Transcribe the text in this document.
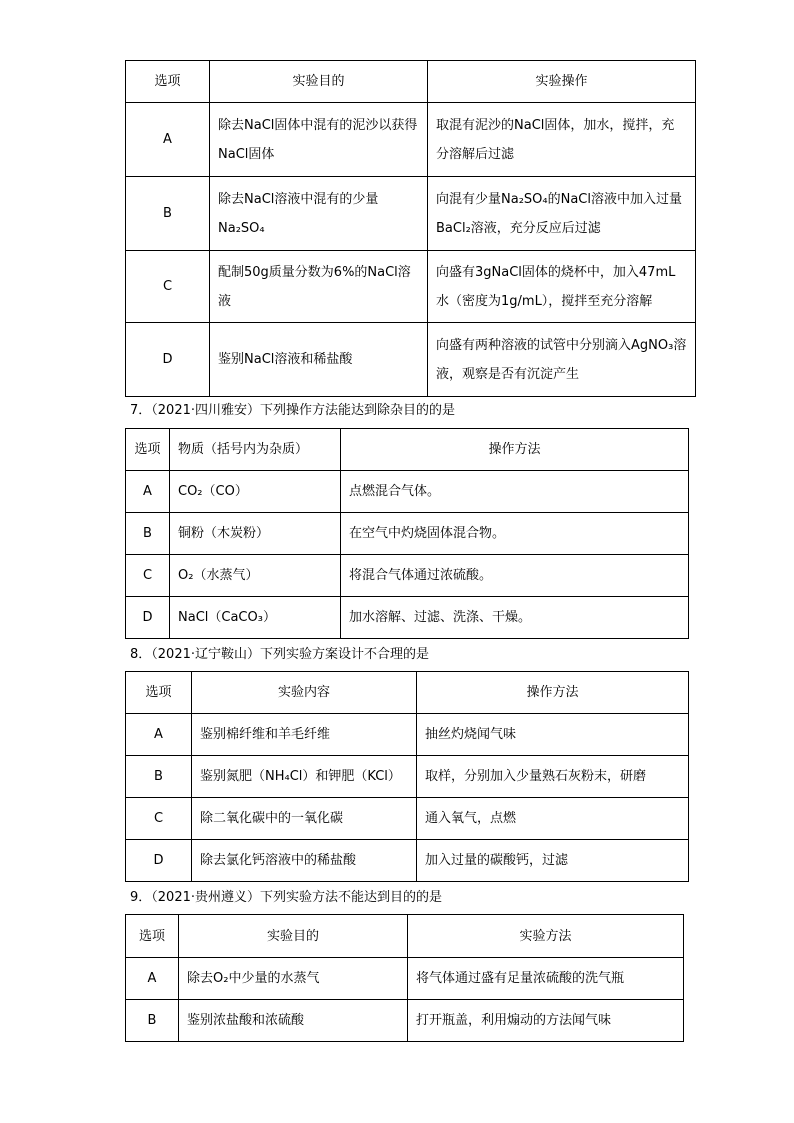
选项	实验目的	实验操作
A	除去NaCl固体中混有的泥沙以获得NaCl固体	取混有泥沙的NaCl固体，加水，搅拌，充分溶解后过滤
B	除去NaCl溶液中混有的少量Na₂SO₄	向混有少量Na₂SO₄的NaCl溶液中加入过量BaCl₂溶液，充分反应后过滤
C	配制50g质量分数为6%的NaCl溶液	向盛有3gNaCl固体的烧杯中，加入47mL水（密度为1g/mL），搅拌至充分溶解
D	鉴别NaCl溶液和稀盐酸	向盛有两种溶液的试管中分别滴入AgNO₃溶液，观察是否有沉淀产生
7．（2021·四川雅安）下列操作方法能达到除杂目的的是
选项	物质（括号内为杂质）	操作方法
A	CO₂（CO）	点燃混合气体。
B	铜粉（木炭粉）	在空气中灼烧固体混合物。
C	O₂（水蒸气）	将混合气体通过浓硫酸。
D	NaCl（CaCO₃）	加水溶解、过滤、洗涤、干燥。
8．（2021·辽宁鞍山）下列实验方案设计不合理的是
选项	实验内容	操作方法
A	鉴别棉纤维和羊毛纤维	抽丝灼烧闻气味
B	鉴别氮肥（NH₄Cl）和钾肥（KCl）	取样，分别加入少量熟石灰粉末，研磨
C	除二氧化碳中的一氧化碳	通入氧气，点燃
D	除去氯化钙溶液中的稀盐酸	加入过量的碳酸钙，过滤
9．（2021·贵州遵义）下列实验方法不能达到目的的是
选项	实验目的	实验方法
A	除去O₂中少量的水蒸气	将气体通过盛有足量浓硫酸的洗气瓶
B	鉴别浓盐酸和浓硫酸	打开瓶盖，利用煽动的方法闻气味
